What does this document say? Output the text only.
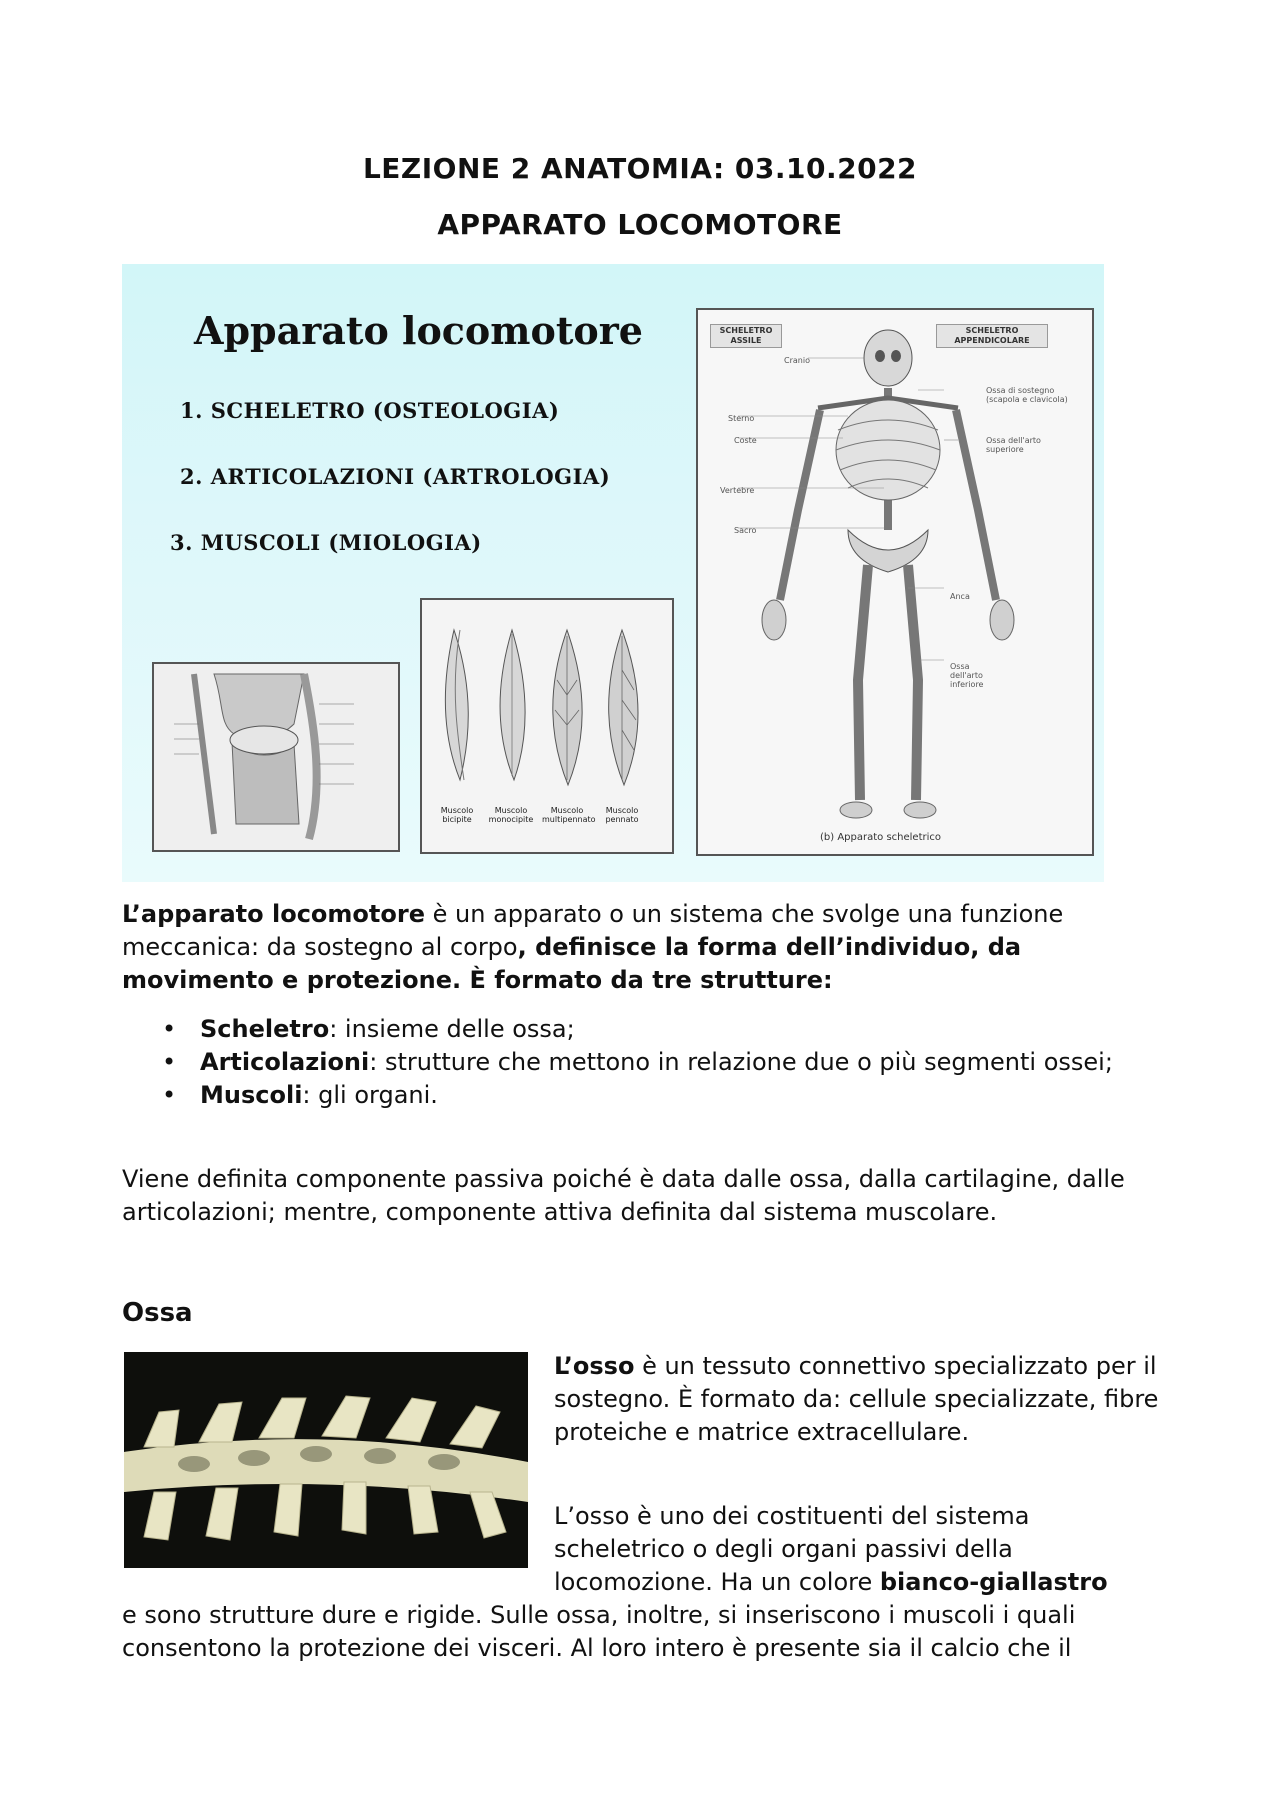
LEZIONE 2 ANATOMIA: 03.10.2022
APPARATO LOCOMOTORE
Apparato locomotore
1. SCHELETRO (OSTEOLOGIA)
2. ARTICOLAZIONI (ARTROLOGIA)
3. MUSCOLI (MIOLOGIA)
Muscolo bicipite
Muscolo monocipite
Muscolo multipennato
Muscolo pennato
SCHELETRO ASSILE
SCHELETRO APPENDICOLARE
Cranio
Sterno
Coste
Vertebre
Sacro
Ossa di sostegno (scapola e clavicola)
Ossa dell'arto superiore
Anca
Ossa dell'arto inferiore
(b) Apparato scheletrico

L’apparato locomotore è un apparato o un sistema che svolge una funzione meccanica: da sostegno al corpo, definisce la forma dell’individuo, da movimento e protezione. È formato da tre strutture:

• Scheletro: insieme delle ossa;
• Articolazioni: strutture che mettono in relazione due o più segmenti ossei;
• Muscoli: gli organi.

Viene definita componente passiva poiché è data dalle ossa, dalla cartilagine, dalle articolazioni; mentre, componente attiva definita dal sistema muscolare.

Ossa

L’osso è un tessuto connettivo specializzato per il sostegno. È formato da: cellule specializzate, fibre proteiche e matrice extracellulare.

L’osso è uno dei costituenti del sistema scheletrico o degli organi passivi della locomozione. Ha un colore bianco-giallastro

e sono strutture dure e rigide. Sulle ossa, inoltre, si inseriscono i muscoli i quali consentono la protezione dei visceri. Al loro intero è presente sia il calcio che il
